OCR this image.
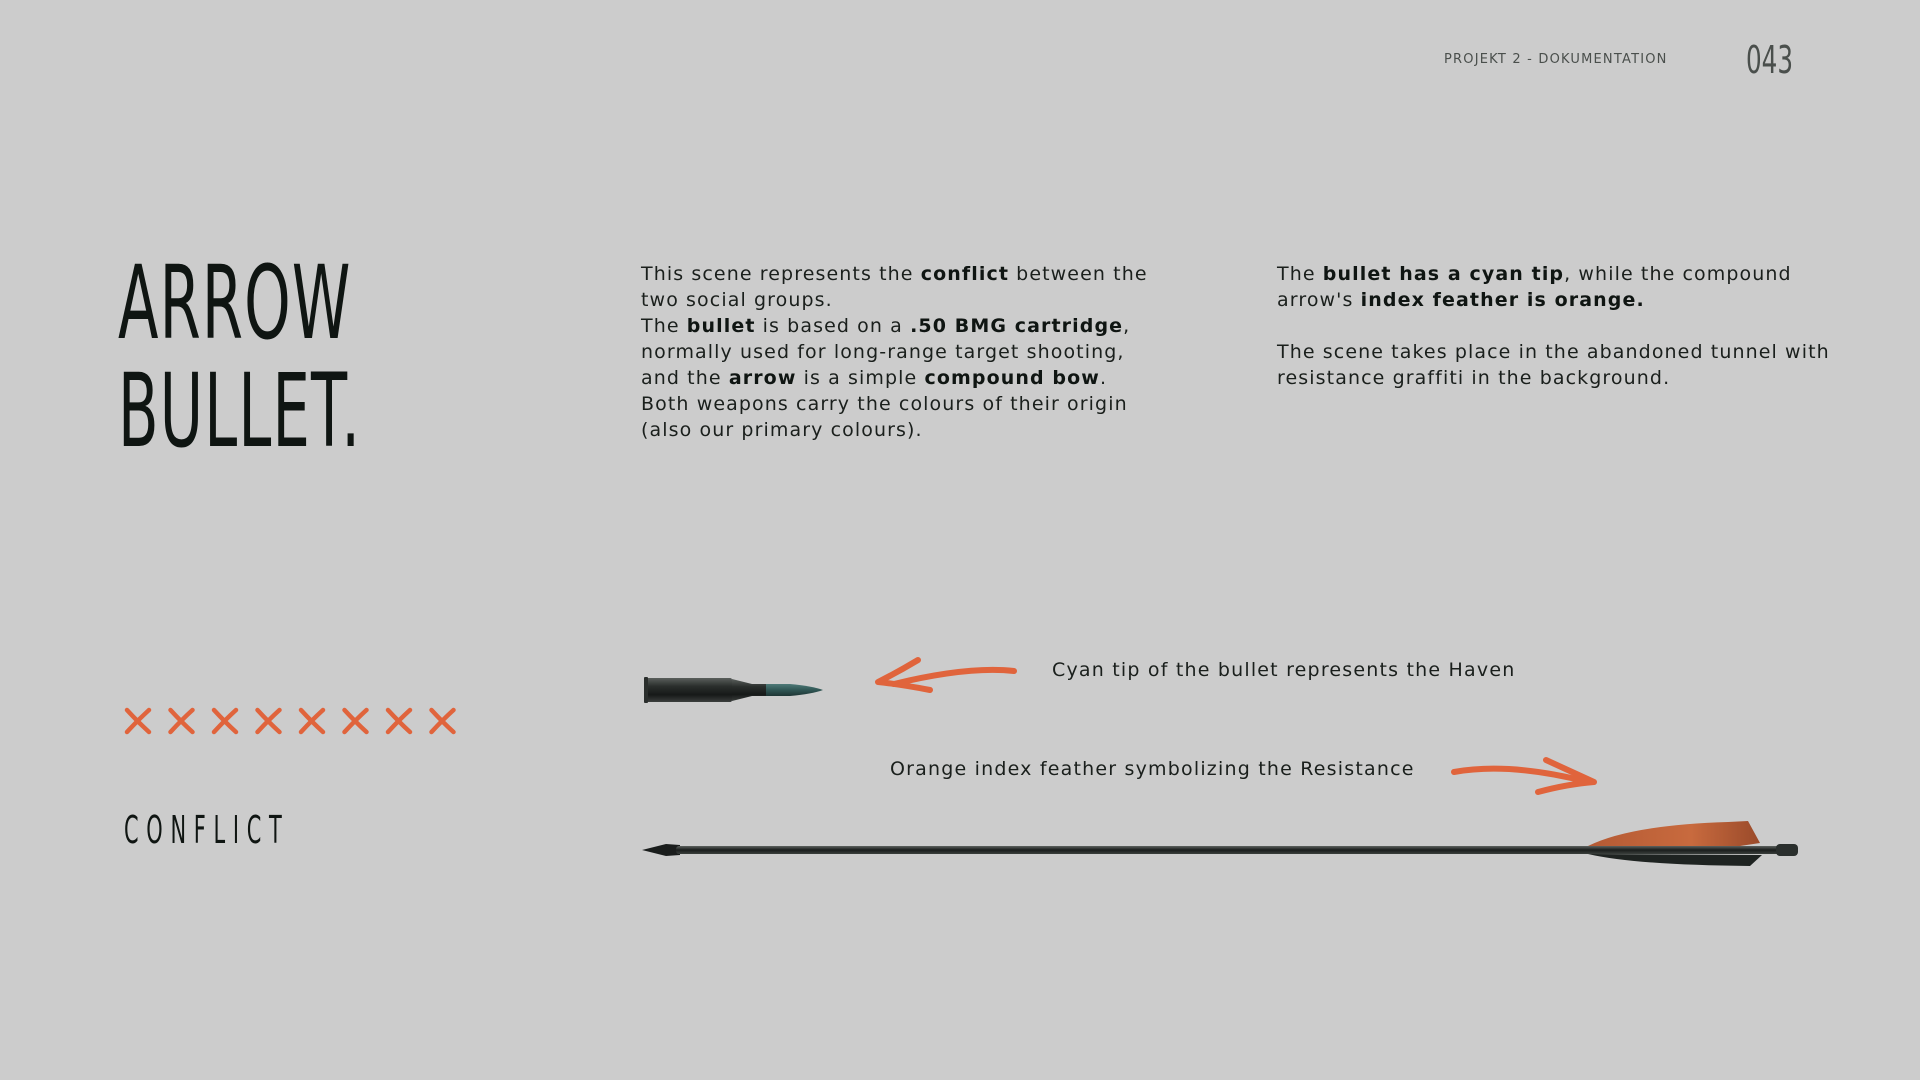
PROJEKT 2 - DOKUMENTATION 043
ARROW
BULLET.

This scene represents the conflict between the two social groups.

The bullet is based on a .50 BMG cartridge, normally used for long-range target shooting, and the arrow is a simple compound bow.

Both weapons carry the colours of their origin (also our primary colours).

The bullet has a cyan tip, while the compound arrow's index feather is orange.

The scene takes place in the abandoned tunnel with resistance graffiti in the background.

CONFLICT
Cyan tip of the bullet represents the Haven
Orange index feather symbolizing the Resistance
